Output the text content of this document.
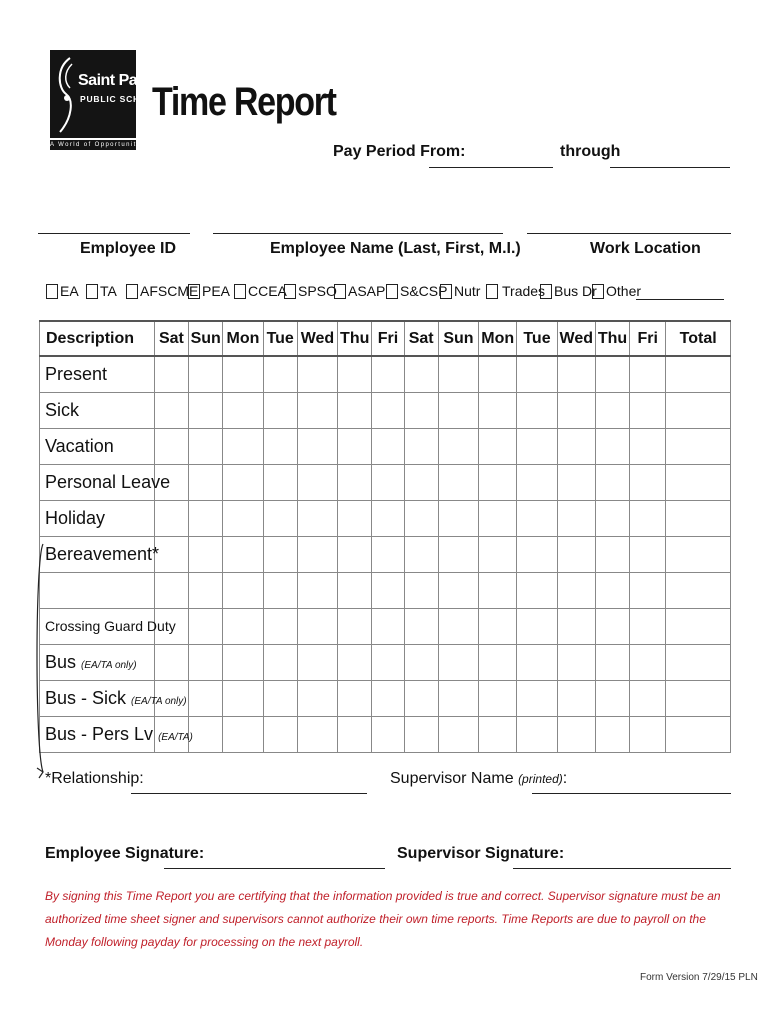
Saint Paul
PUBLIC SCHOOLS
A World of Opportunities
Time Report
Pay Period From:	through
Employee ID	Employee Name (Last, First, M.I.)	Work Location
EA TA AFSCME PEA CCEA SPSO ASAP S&CSP Nutr Trades Bus Dr Other
Description	Sat	Sun	Mon	Tue	Wed	Thu	Fri	Sat	Sun	Mon	Tue	Wed	Thu	Fri	Total
Present															
Sick															
Vacation															
Personal Leave															
Holiday															
Bereavement*															

Crossing Guard Duty															
Bus (EA/TA only)															
Bus - Sick (EA/TA only)															
Bus - Pers Lv (EA/TA)															
*Relationship:	Supervisor Name (printed):
Employee Signature:	Supervisor Signature:
By signing this Time Report you are certifying that the information provided is true and correct. Supervisor signature must be an authorized time sheet signer and supervisors cannot authorize their own time reports. Time Reports are due to payroll on the Monday following payday for processing on the next payroll.
Form Version 7/29/15 PLN
